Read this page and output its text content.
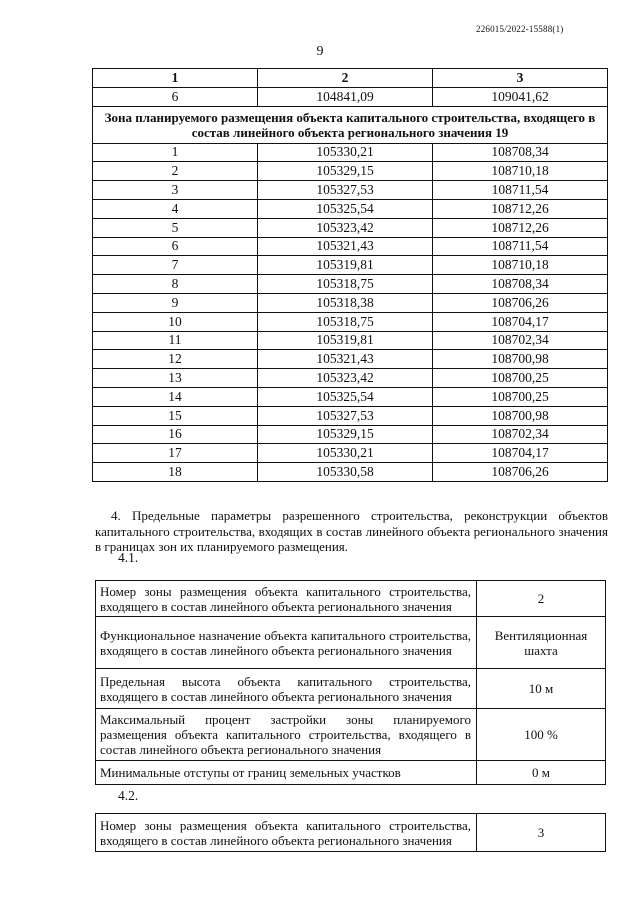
226015/2022-15588(1)
9
1	2	3
6	104841,09	109041,62
Зона планируемого размещения объекта капитального строительства, входящего в состав линейного объекта регионального значения 19		
1	105330,21	108708,34
2	105329,15	108710,18
3	105327,53	108711,54
4	105325,54	108712,26
5	105323,42	108712,26
6	105321,43	108711,54
7	105319,81	108710,18
8	105318,75	108708,34
9	105318,38	108706,26
10	105318,75	108704,17
11	105319,81	108702,34
12	105321,43	108700,98
13	105323,42	108700,25
14	105325,54	108700,25
15	105327,53	108700,98
16	105329,15	108702,34
17	105330,21	108704,17
18	105330,58	108706,26

4. Предельные параметры разрешенного строительства, реконструкции объектов капитального строительства, входящих в состав линейного объекта регионального значения в границах зон их планируемого размещения.

4.1.
Номер зоны размещения объекта капитального строительства, входящего в состав линейного объекта регионального значения	2
Функциональное назначение объекта капитального строительства, входящего в состав линейного объекта регионального значения	Вентиляционная шахта
Предельная высота объекта капитального строительства, входящего в состав линейного объекта регионального значения	10 м
Максимальный процент застройки зоны планируемого размещения объекта капитального строительства, входящего в состав линейного объекта регионального значения	100 %
Минимальные отступы от границ земельных участков	0 м
4.2.
Номер зоны размещения объекта капитального строительства, входящего в состав линейного объекта регионального значения	3
